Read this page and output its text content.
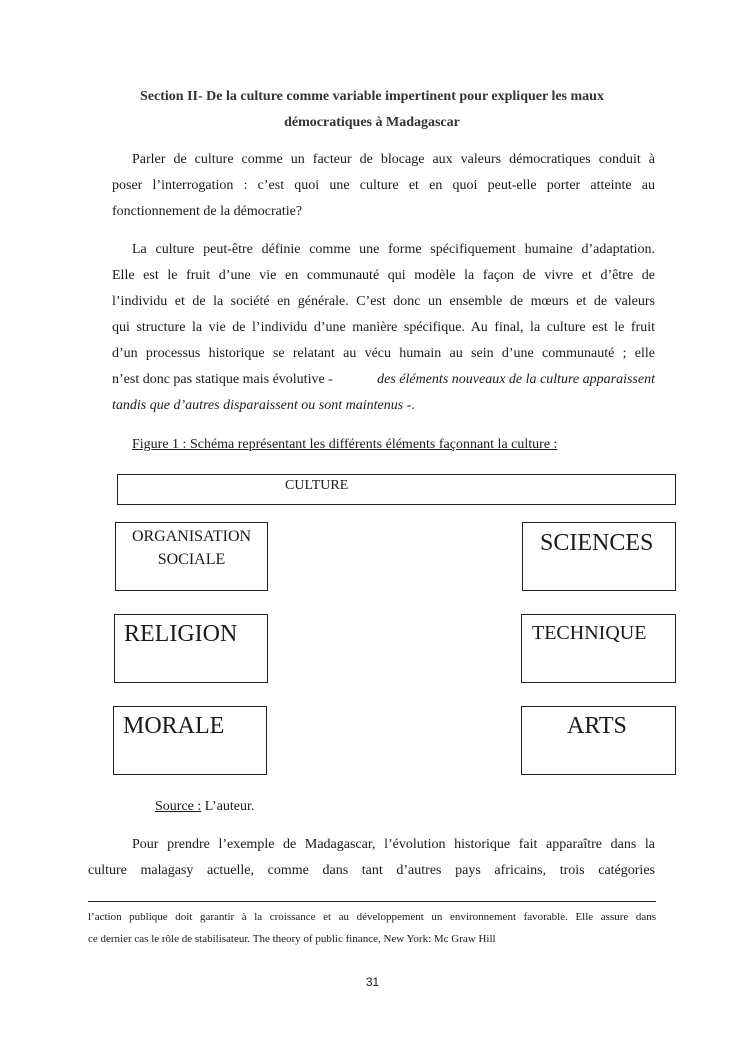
Section II- De la culture comme variable impertinent pour expliquer les maux
démocratiques à Madagascar
Parler de culture comme un facteur de blocage aux valeurs démocratiques conduit à
poser l’interrogation : c’est quoi une culture et en quoi peut-elle porter atteinte au
fonctionnement de la démocratie?
La culture peut-être définie comme une forme spécifiquement humaine d’adaptation.
Elle est le fruit d’une vie en communauté qui modèle la façon de vivre et d’être de
l’individu et de la société en générale. C’est donc un ensemble de mœurs et de valeurs
qui structure la vie de l’individu d’une manière spécifique. Au final, la culture est le fruit
d’un processus historique se relatant au vécu humain au sein d’une communauté ; elle
n’est donc pas statique mais évolutive -	des éléments nouveaux de la culture apparaissent
tandis que d’autres disparaissent ou sont maintenus -.
Figure 1 : Schéma représentant les différents éléments façonnant la culture :
CULTURE
ORGANISATION
SOCIALE
SCIENCES
RELIGION	TECHNIQUE
MORALE	ARTS
Source : L’auteur.
Pour prendre l’exemple de Madagascar, l’évolution historique fait apparaître dans la
culture malagasy actuelle, comme dans tant d’autres pays africains, trois catégories
l’action publique doit garantir à la croissance et au développement un environnement favorable. Elle assure dans
ce dernier cas le rôle de stabilisateur. The theory of public finance, New York: Mc Graw Hill
31
